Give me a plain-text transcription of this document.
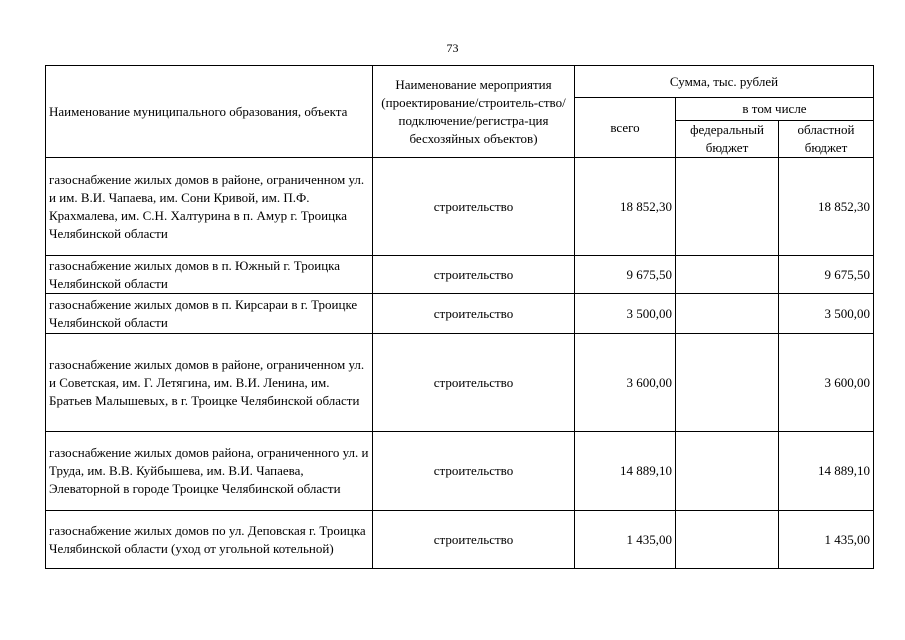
73
Наименование муниципального образования, объекта	Наименование мероприятия (проектирование/строитель-ство/подключение/регистра-ция бесхозяйных объектов)	Сумма, тыс. рублей		
		всего	в том числе	
			федеральный бюджет	областной бюджет
газоснабжение жилых домов в районе, ограниченном ул. и им. В.И. Чапаева, им. Сони Кривой, им. П.Ф. Крахмалева, им. С.Н. Халтурина в п. Амур г. Троицка Челябинской области	строительство	18 852,30		18 852,30
газоснабжение жилых домов в п. Южный г. Троицка Челябинской области	строительство	9 675,50		9 675,50
газоснабжение жилых домов в п. Кирсараи в г. Троицке Челябинской области	строительство	3 500,00		3 500,00
газоснабжение жилых домов в районе, ограниченном ул. и Советская, им. Г. Летягина, им. В.И. Ленина, им. Братьев Малышевых, в г. Троицке Челябинской области	строительство	3 600,00		3 600,00
газоснабжение жилых домов района, ограниченного ул. и Труда, им. В.В. Куйбышева, им. В.И. Чапаева, Элеваторной в городе Троицке Челябинской области	строительство	14 889,10		14 889,10
газоснабжение жилых домов по ул. Деповская г. Троицка Челябинской области (уход от угольной котельной)	строительство	1 435,00		1 435,00
